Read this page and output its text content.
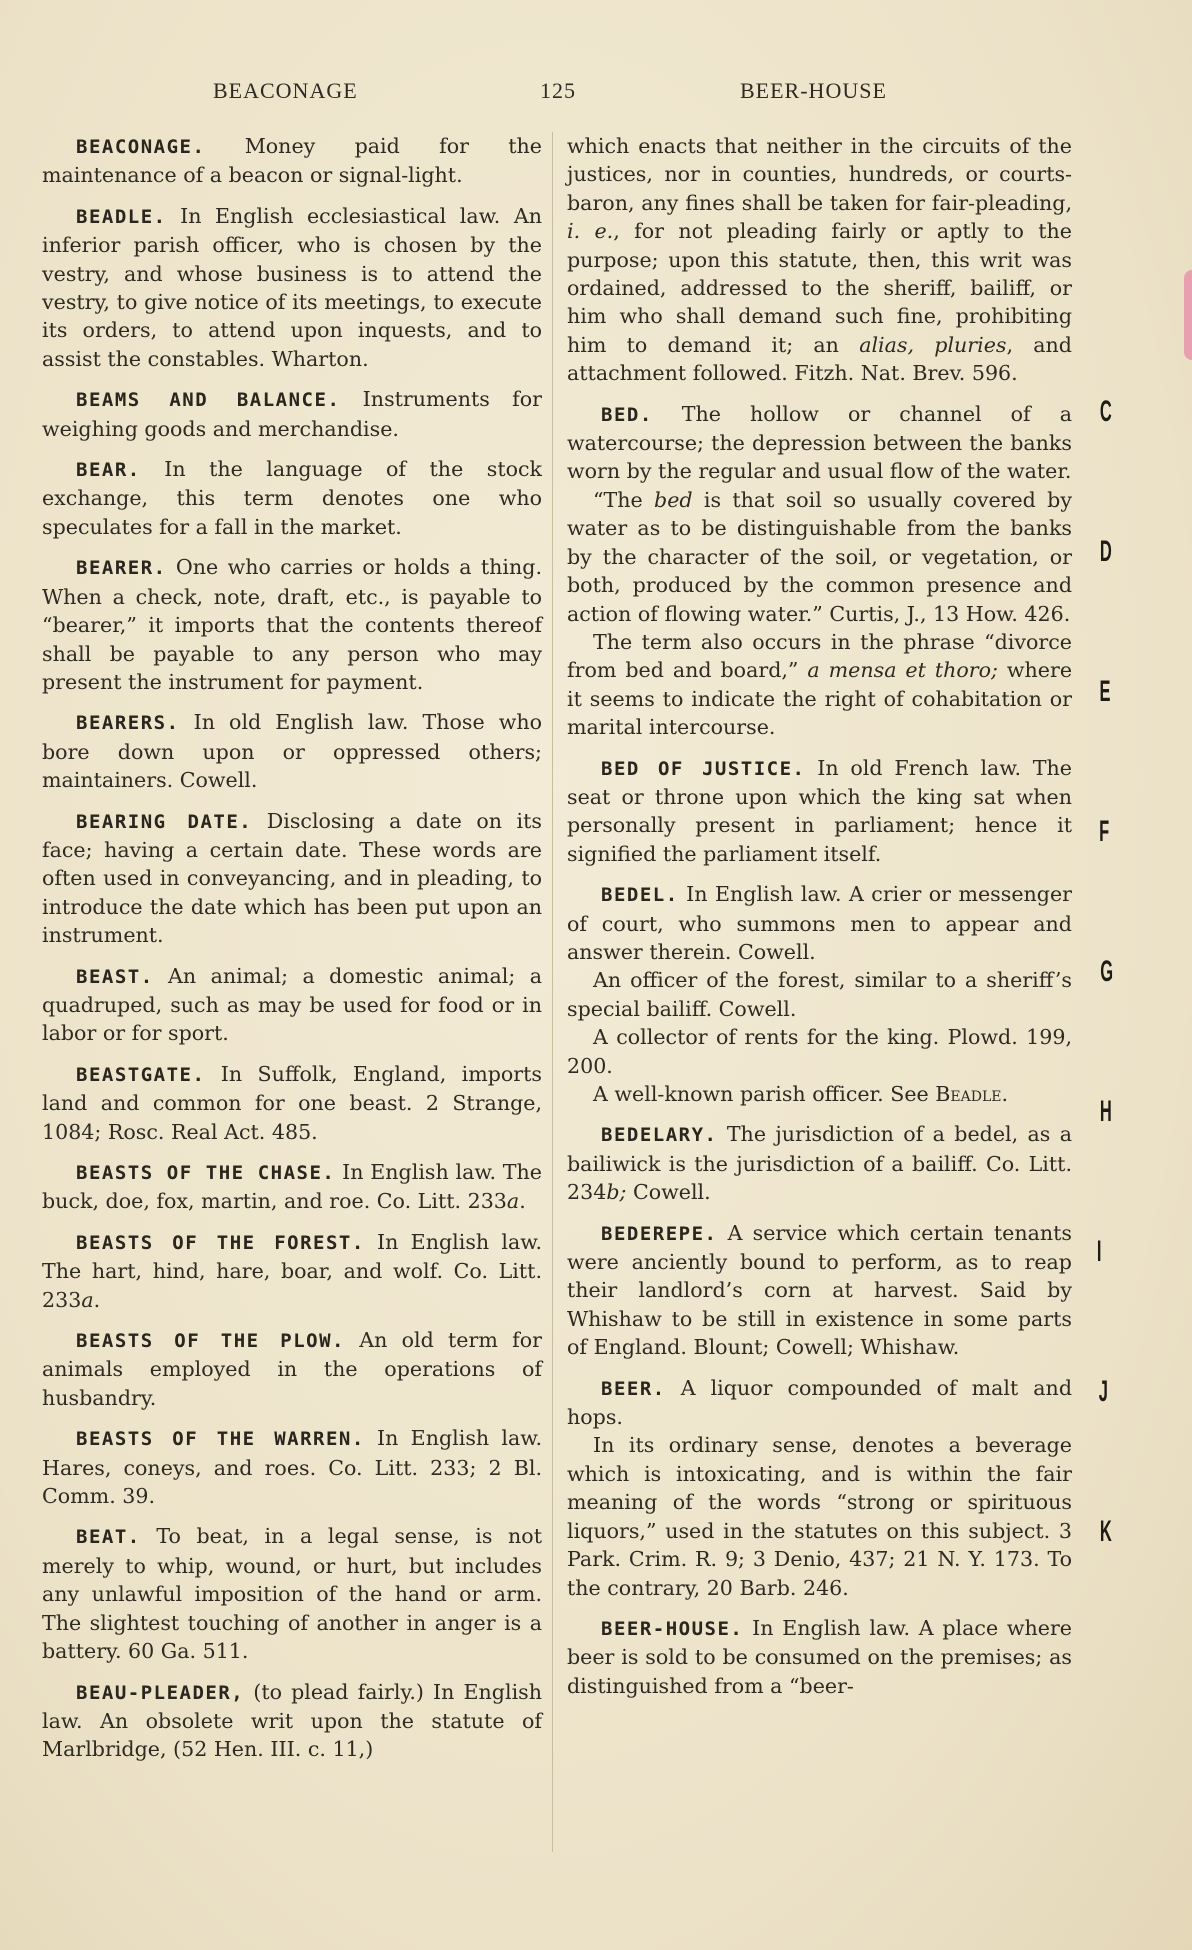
BEACONAGE	125	BEER-HOUSE

BEACONAGE. Money paid for the maintenance of a beacon or signal-light.

BEADLE. In English ecclesiastical law. An inferior parish officer, who is chosen by the vestry, and whose business is to attend the vestry, to give notice of its meetings, to execute its orders, to attend upon inquests, and to assist the constables. Wharton.

BEAMS AND BALANCE. Instruments for weighing goods and merchandise.

BEAR. In the language of the stock exchange, this term denotes one who speculates for a fall in the market.

BEARER. One who carries or holds a thing. When a check, note, draft, etc., is payable to “bearer,” it imports that the contents thereof shall be payable to any person who may present the instrument for payment.

BEARERS. In old English law. Those who bore down upon or oppressed others; maintainers. Cowell.

BEARING DATE. Disclosing a date on its face; having a certain date. These words are often used in conveyancing, and in pleading, to introduce the date which has been put upon an instrument.

BEAST. An animal; a domestic animal; a quadruped, such as may be used for food or in labor or for sport.

BEASTGATE. In Suffolk, England, imports land and common for one beast. 2 Strange, 1084; Rosc. Real Act. 485.

BEASTS OF THE CHASE. In English law. The buck, doe, fox, martin, and roe. Co. Litt. 233a.

BEASTS OF THE FOREST. In English law. The hart, hind, hare, boar, and wolf. Co. Litt. 233a.

BEASTS OF THE PLOW. An old term for animals employed in the operations of husbandry.

BEASTS OF THE WARREN. In English law. Hares, coneys, and roes. Co. Litt. 233; 2 Bl. Comm. 39.

BEAT. To beat, in a legal sense, is not merely to whip, wound, or hurt, but includes any unlawful imposition of the hand or arm. The slightest touching of another in anger is a battery. 60 Ga. 511.

BEAU-PLEADER, (to plead fairly.) In English law. An obsolete writ upon the statute of Marlbridge, (52 Hen. III. c. 11,)

which enacts that neither in the circuits of the justices, nor in counties, hundreds, or courts-baron, any fines shall be taken for fair-pleading, i. e., for not pleading fairly or aptly to the purpose; upon this statute, then, this writ was ordained, addressed to the sheriff, bailiff, or him who shall demand such fine, prohibiting him to demand it; an alias, pluries, and attachment followed. Fitzh. Nat. Brev. 596.

BED. The hollow or channel of a watercourse; the depression between the banks worn by the regular and usual flow of the water.

“The bed is that soil so usually covered by water as to be distinguishable from the banks by the character of the soil, or vegetation, or both, produced by the common presence and action of flowing water.” Curtis, J., 13 How. 426.

The term also occurs in the phrase “divorce from bed and board,” a mensa et thoro; where it seems to indicate the right of cohabitation or marital intercourse.

BED OF JUSTICE. In old French law. The seat or throne upon which the king sat when personally present in parliament; hence it signified the parliament itself.

BEDEL. In English law. A crier or messenger of court, who summons men to appear and answer therein. Cowell.

An officer of the forest, similar to a sheriff’s special bailiff. Cowell.

A collector of rents for the king. Plowd. 199, 200.

A well-known parish officer. See Beadle.

BEDELARY. The jurisdiction of a bedel, as a bailiwick is the jurisdiction of a bailiff. Co. Litt. 234b; Cowell.

BEDEREPE. A service which certain tenants were anciently bound to perform, as to reap their landlord’s corn at harvest. Said by Whishaw to be still in existence in some parts of England. Blount; Cowell; Whishaw.

BEER. A liquor compounded of malt and hops.

In its ordinary sense, denotes a beverage which is intoxicating, and is within the fair meaning of the words “strong or spirituous liquors,” used in the statutes on this subject. 3 Park. Crim. R. 9; 3 Denio, 437; 21 N. Y. 173. To the contrary, 20 Barb. 246.

BEER-HOUSE. In English law. A place where beer is sold to be consumed on the premises; as distinguished from a “beer-

C
D
E
F
G
H
I
J
K
